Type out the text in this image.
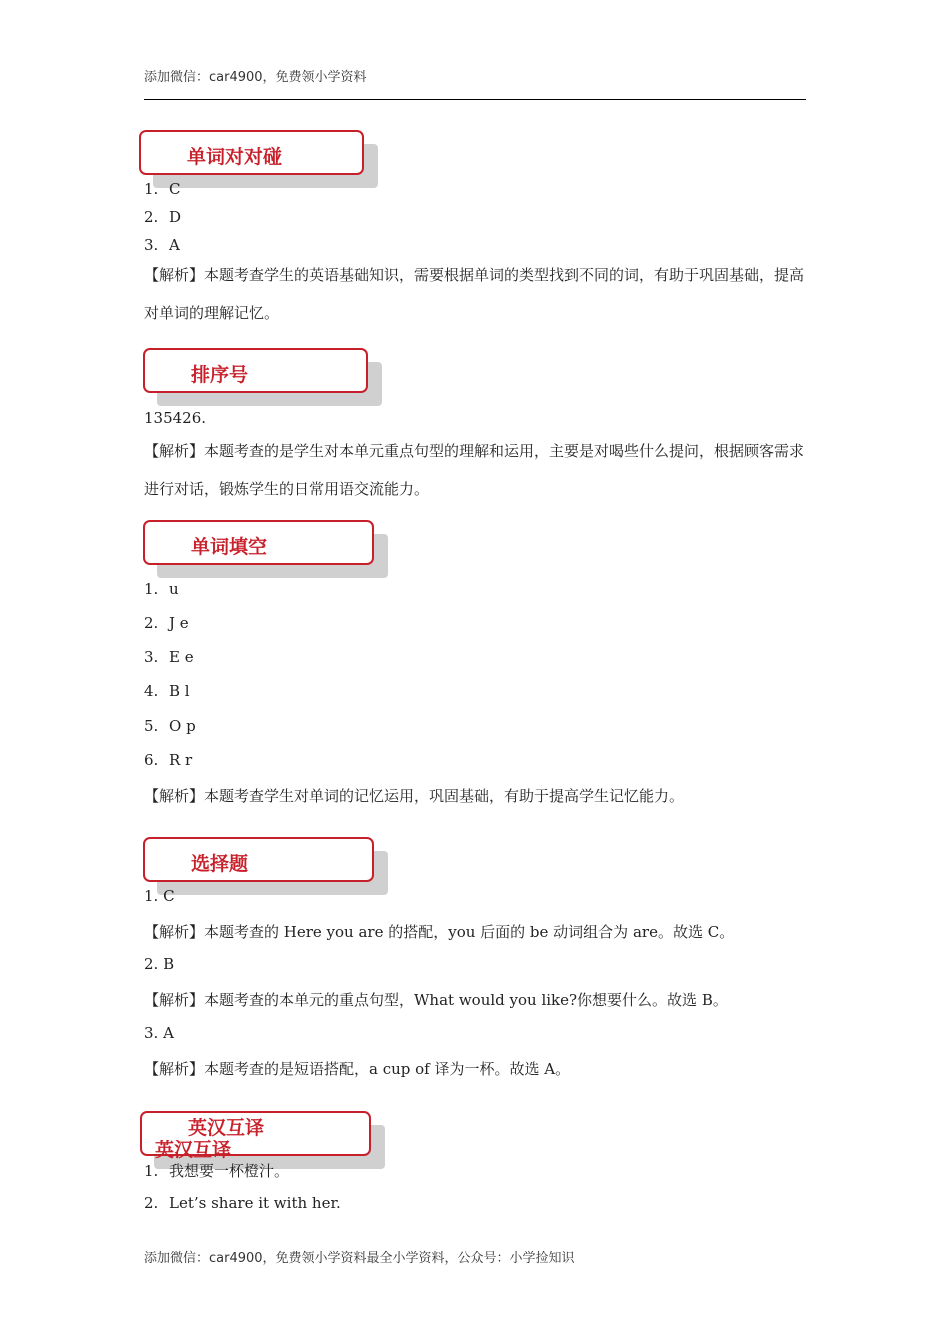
添加微信：car4900，免费领小学资料
单词对对碰
1. C
2. D
3. A
【解析】本题考查学生的英语基础知识，需要根据单词的类型找到不同的词，有助于巩固基础，提高对单词的理解记忆。
排序号
135426.
【解析】本题考查的是学生对本单元重点句型的理解和运用，主要是对喝些什么提问，根据顾客需求进行对话，锻炼学生的日常用语交流能力。
单词填空
1. u
2. J e
3. E e
4. B l
5. O p
6. R r
【解析】本题考查学生对单词的记忆运用，巩固基础，有助于提高学生记忆能力。
选择题
1. C
【解析】本题考查的 Here you are 的搭配，you 后面的 be 动词组合为 are。故选 C。
2. B
【解析】本题考查的本单元的重点句型，What would you like?你想要什么。故选 B。
3. A
【解析】本题考查的是短语搭配，a cup of 译为一杯。故选 A。
英汉互译
英汉互译
1. 我想要一杯橙汁。
2. Let’s share it with her.
添加微信：car4900，免费领小学资料最全小学资料，公众号：小学捡知识
